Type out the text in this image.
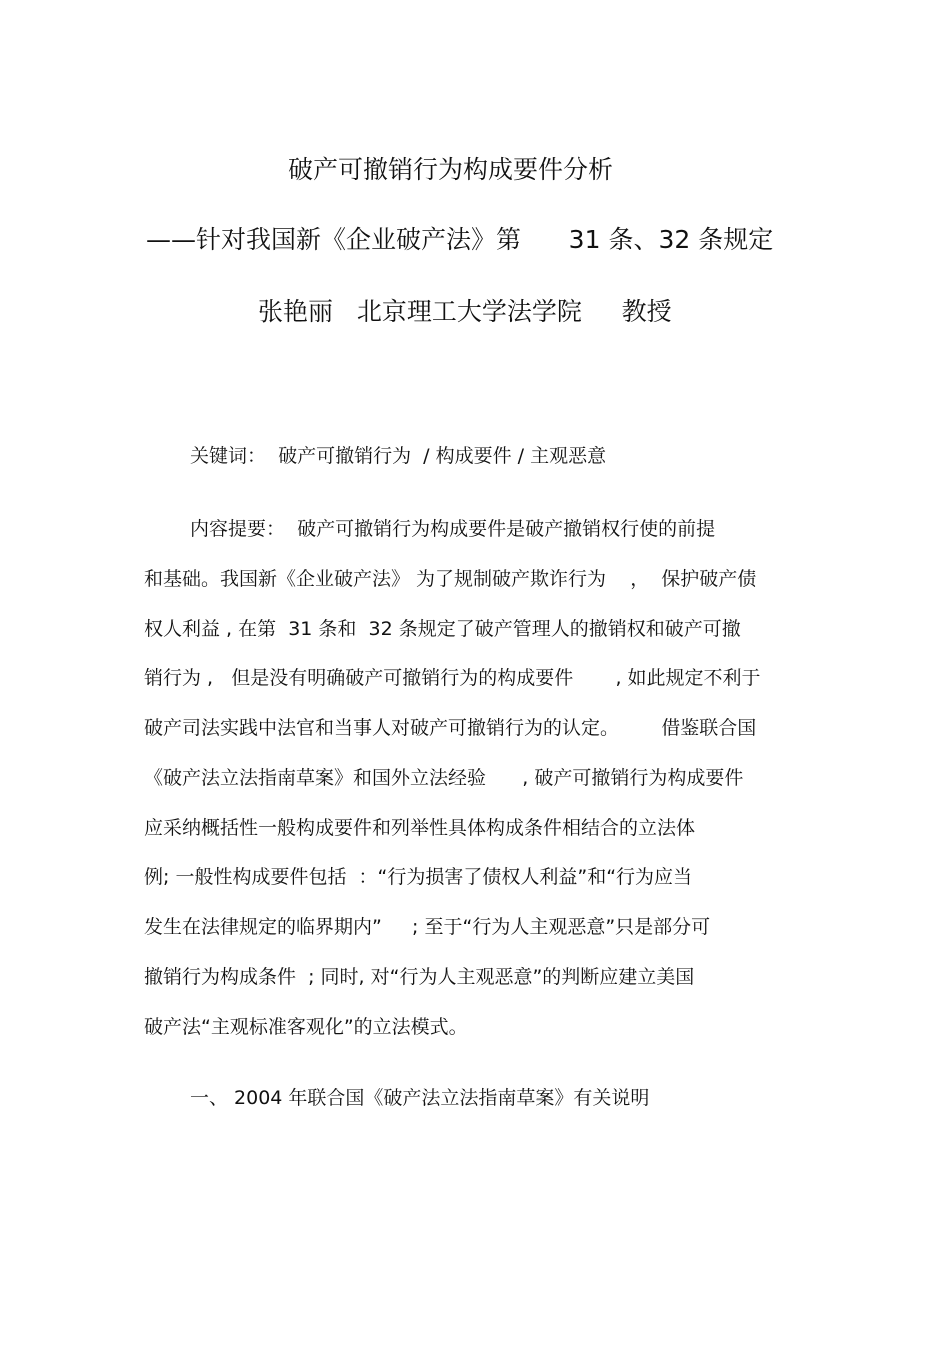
破产可撤销行为构成要件分析

——针对我国新《企业破产法》第      31 条、32 条规定

张艳丽   北京理工大学法学院     教授

关键词：  破产可撤销行为  / 构成要件 / 主观恶意

内容提要：  破产可撤销行为构成要件是破产撤销权行使的前提

和基础。我国新《企业破产法》 为了规制破产欺诈行为    ，  保护破产债

权人利益 , 在第  31 条和  32 条规定了破产管理人的撤销权和破产可撤

销行为 ,   但是没有明确破产可撤销行为的构成要件       , 如此规定不利于

破产司法实践中法官和当事人对破产可撤销行为的认定。       借鉴联合国

《破产法立法指南草案》和国外立法经验      , 破产可撤销行为构成要件

应采纳概括性一般构成要件和列举性具体构成条件相结合的立法体

例; 一般性构成要件包括  ：“行为损害了债权人利益”和“行为应当

发生在法律规定的临界期内”     ; 至于“行为人主观恶意”只是部分可

撤销行为构成条件  ; 同时, 对“行为人主观恶意”的判断应建立美国

破产法“主观标准客观化”的立法模式。

一、 2004 年联合国《破产法立法指南草案》有关说明
